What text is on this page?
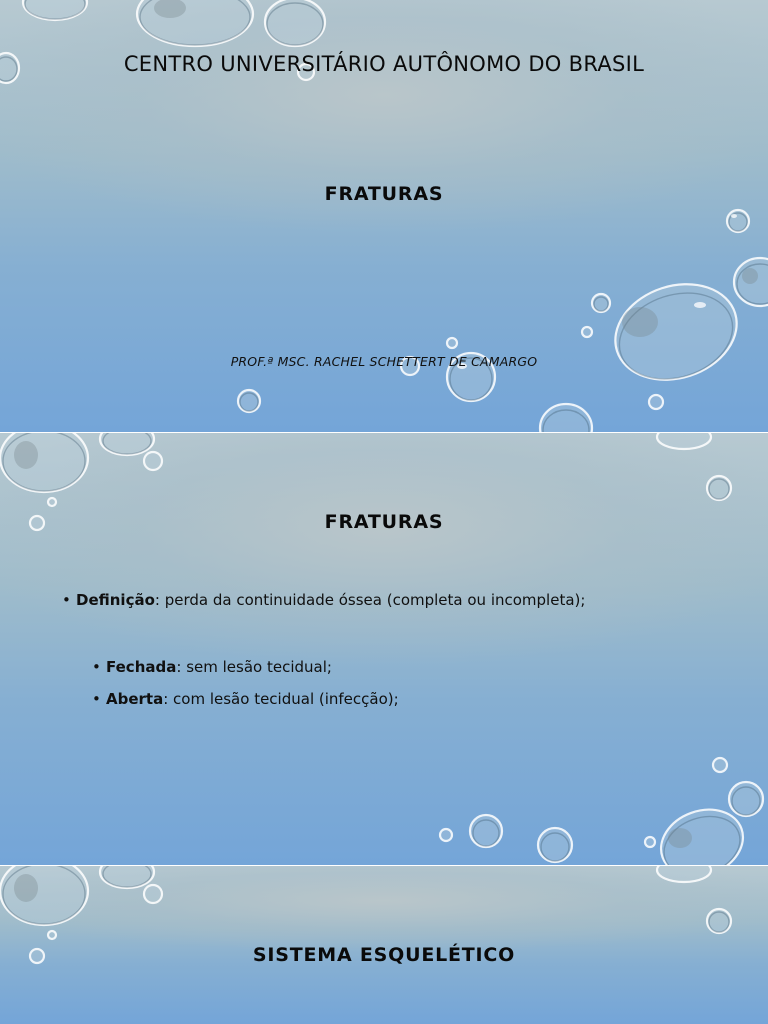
CENTRO UNIVERSITÁRIO AUTÔNOMO DO BRASIL
FRATURAS
PROF.ª MSC. RACHEL SCHETTERT DE CAMARGO
FRATURAS
• Definição: perda da continuidade óssea (completa ou incompleta);
• Fechada: sem lesão tecidual;
• Aberta: com lesão tecidual (infecção);
SISTEMA ESQUELÉTICO
